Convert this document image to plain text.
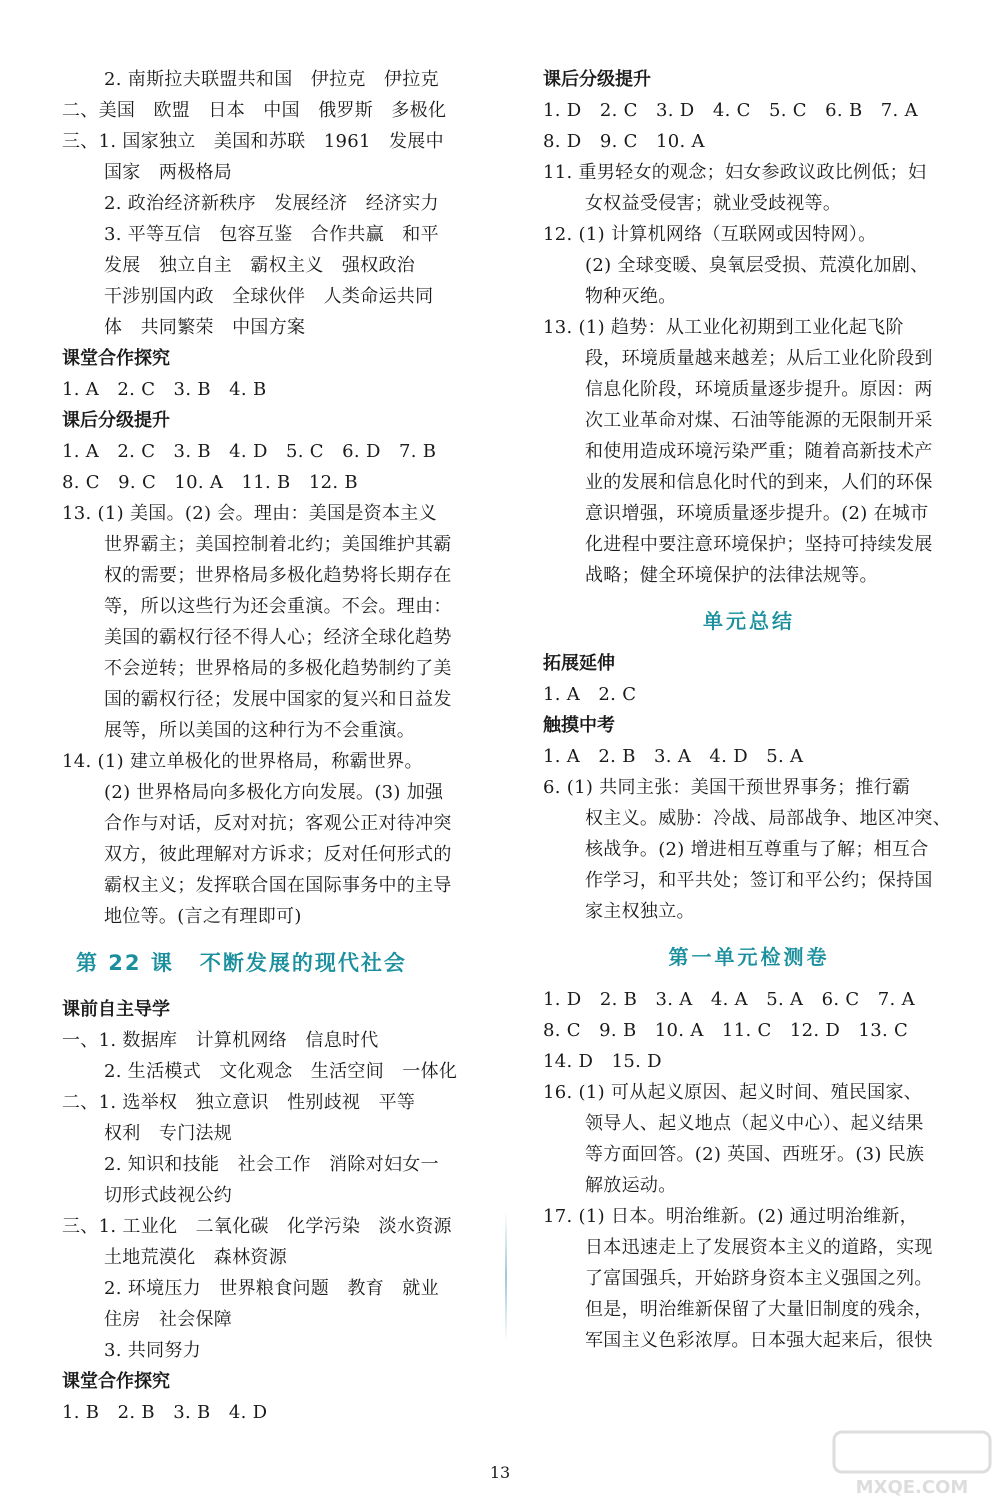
2. 南斯拉夫联盟共和国　伊拉克　伊拉克
二、美国　欧盟　日本　中国　俄罗斯　多极化
三、1. 国家独立　美国和苏联　1961　发展中
国家　两极格局
2. 政治经济新秩序　发展经济　经济实力
3. 平等互信　包容互鉴　合作共赢　和平
发展　独立自主　霸权主义　强权政治
干涉别国内政　全球伙伴　人类命运共同
体　共同繁荣　中国方案
课堂合作探究
1. A　2. C　3. B　4. B
课后分级提升
1. A　2. C　3. B　4. D　5. C　6. D　7. B
8. C　9. C　10. A　11. B　12. B
13. (1) 美国。(2) 会。理由：美国是资本主义
世界霸主；美国控制着北约；美国维护其霸
权的需要；世界格局多极化趋势将长期存在
等，所以这些行为还会重演。不会。理由：
美国的霸权行径不得人心；经济全球化趋势
不会逆转；世界格局的多极化趋势制约了美
国的霸权行径；发展中国家的复兴和日益发
展等，所以美国的这种行为不会重演。
14. (1) 建立单极化的世界格局，称霸世界。
(2) 世界格局向多极化方向发展。(3) 加强
合作与对话，反对对抗；客观公正对待冲突
双方，彼此理解对方诉求；反对任何形式的
霸权主义；发挥联合国在国际事务中的主导
地位等。(言之有理即可)
第 22 课 不断发展的现代社会
课前自主导学
一、1. 数据库　计算机网络　信息时代
2. 生活模式　文化观念　生活空间　一体化
二、1. 选举权　独立意识　性别歧视　平等
权利　专门法规
2. 知识和技能　社会工作　消除对妇女一
切形式歧视公约
三、1. 工业化　二氧化碳　化学污染　淡水资源
土地荒漠化　森林资源
2. 环境压力　世界粮食问题　教育　就业
住房　社会保障
3. 共同努力
课堂合作探究
1. B　2. B　3. B　4. D
课后分级提升
1. D　2. C　3. D　4. C　5. C　6. B　7. A
8. D　9. C　10. A
11. 重男轻女的观念；妇女参政议政比例低；妇
女权益受侵害；就业受歧视等。
12. (1) 计算机网络（互联网或因特网）。
(2) 全球变暖、臭氧层受损、荒漠化加剧、
物种灭绝。
13. (1) 趋势：从工业化初期到工业化起飞阶
段，环境质量越来越差；从后工业化阶段到
信息化阶段，环境质量逐步提升。原因：两
次工业革命对煤、石油等能源的无限制开采
和使用造成环境污染严重；随着高新技术产
业的发展和信息化时代的到来，人们的环保
意识增强，环境质量逐步提升。(2) 在城市
化进程中要注意环境保护；坚持可持续发展
战略；健全环境保护的法律法规等。
单元总结
拓展延伸
1. A　2. C
触摸中考
1. A　2. B　3. A　4. D　5. A
6. (1) 共同主张：美国干预世界事务；推行霸
权主义。威胁：冷战、局部战争、地区冲突、
核战争。(2) 增进相互尊重与了解；相互合
作学习，和平共处；签订和平公约；保持国
家主权独立。
第一单元检测卷
1. D　2. B　3. A　4. A　5. A　6. C　7. A
8. C　9. B　10. A　11. C　12. D　13. C
14. D　15. D
16. (1) 可从起义原因、起义时间、殖民国家、
领导人、起义地点（起义中心）、起义结果
等方面回答。(2) 英国、西班牙。(3) 民族
解放运动。
17. (1) 日本。明治维新。(2) 通过明治维新，
日本迅速走上了发展资本主义的道路，实现
了富国强兵，开始跻身资本主义强国之列。
但是，明治维新保留了大量旧制度的残余，
军国主义色彩浓厚。日本强大起来后，很快
13
MXQE.COM
